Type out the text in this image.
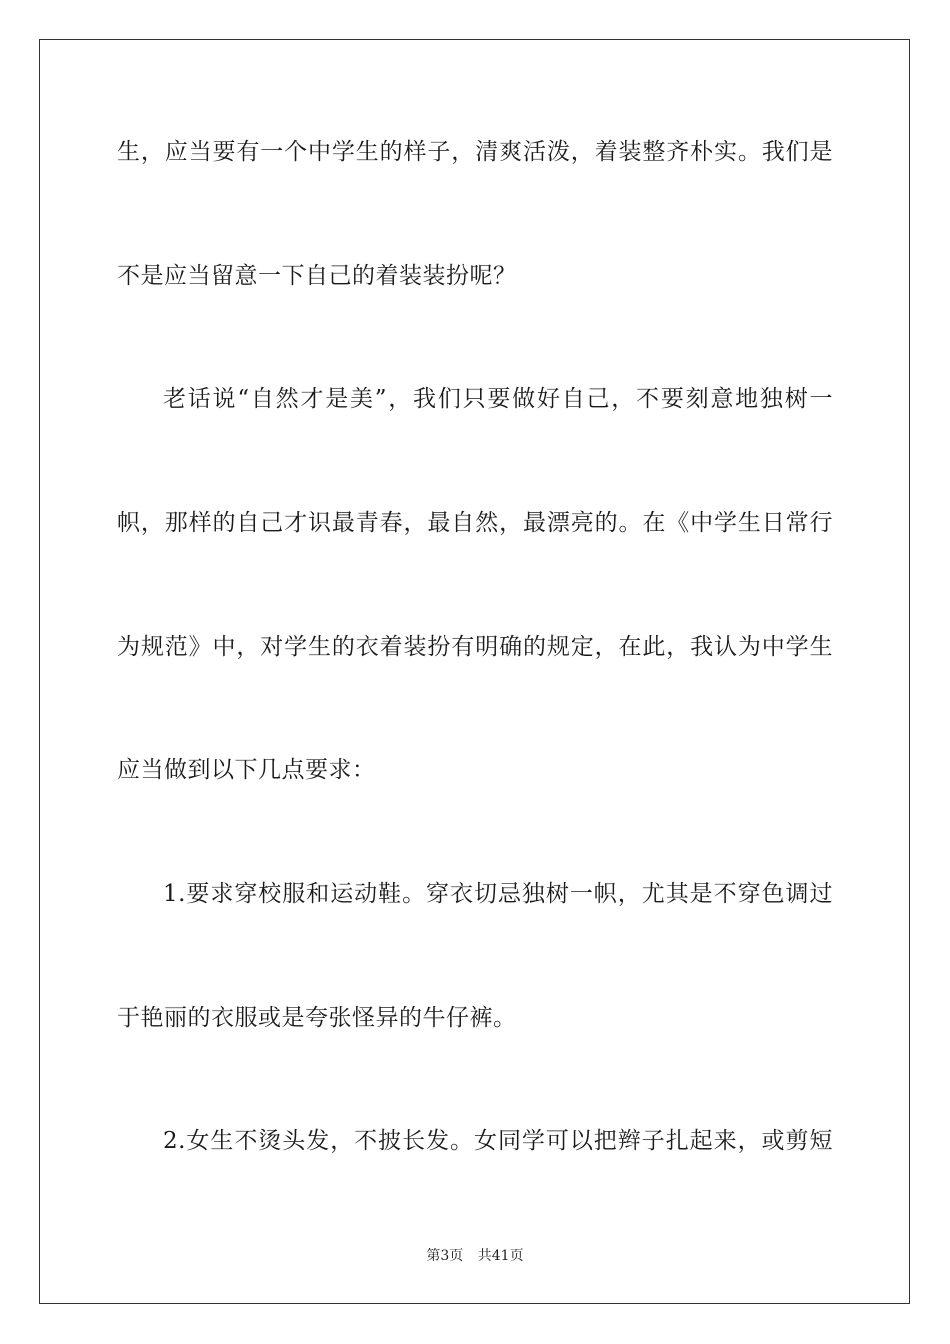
生，应当要有一个中学生的样子，清爽活泼，着装整齐朴实。我们是
不是应当留意一下自己的着装装扮呢？
老话说“自然才是美”，我们只要做好自己，不要刻意地独树一
帜，那样的自己才识最青春，最自然，最漂亮的。在《中学生日常行
为规范》中，对学生的衣着装扮有明确的规定，在此，我认为中学生
应当做到以下几点要求：
1.要求穿校服和运动鞋。穿衣切忌独树一帜，尤其是不穿色调过
于艳丽的衣服或是夸张怪异的牛仔裤。
2.女生不烫头发，不披长发。女同学可以把辫子扎起来，或剪短
第3页 共41页
